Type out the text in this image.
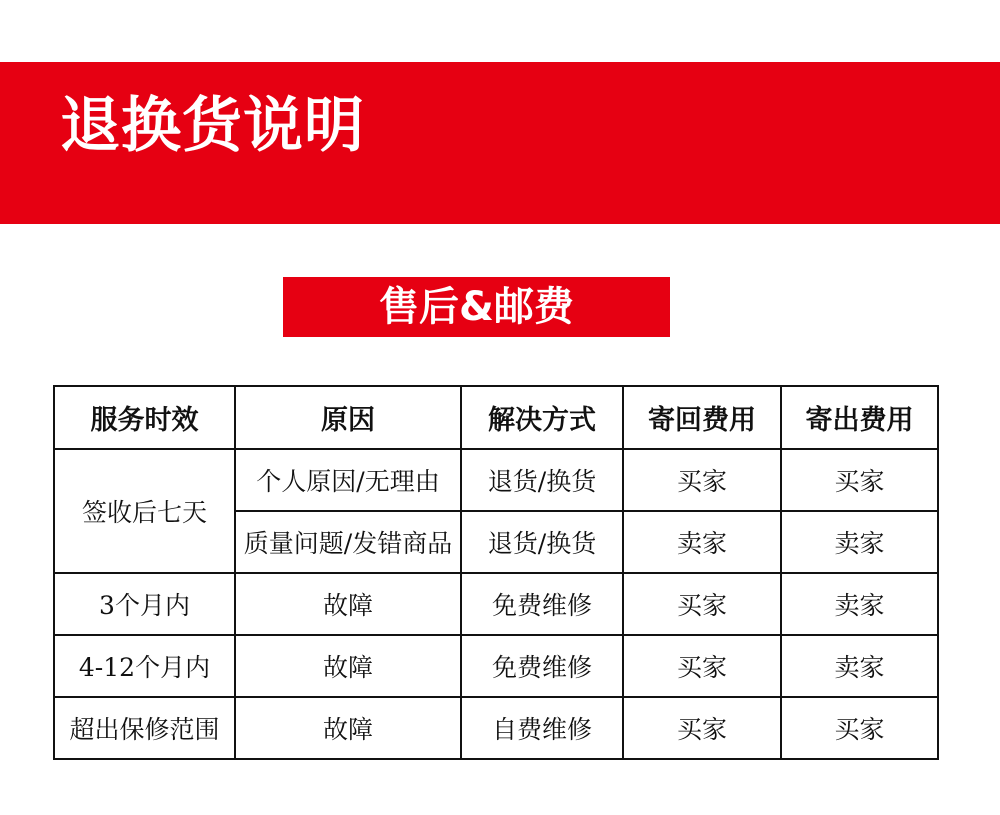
退换货说明
售后&邮费
服务时效	原因	解决方式	寄回费用	寄出费用
签收后七天	个人原因/无理由	退货/换货	买家	买家
	质量问题/发错商品	退货/换货	卖家	卖家
3个月内	故障	免费维修	买家	卖家
4-12个月内	故障	免费维修	买家	卖家
超出保修范围	故障	自费维修	买家	买家
